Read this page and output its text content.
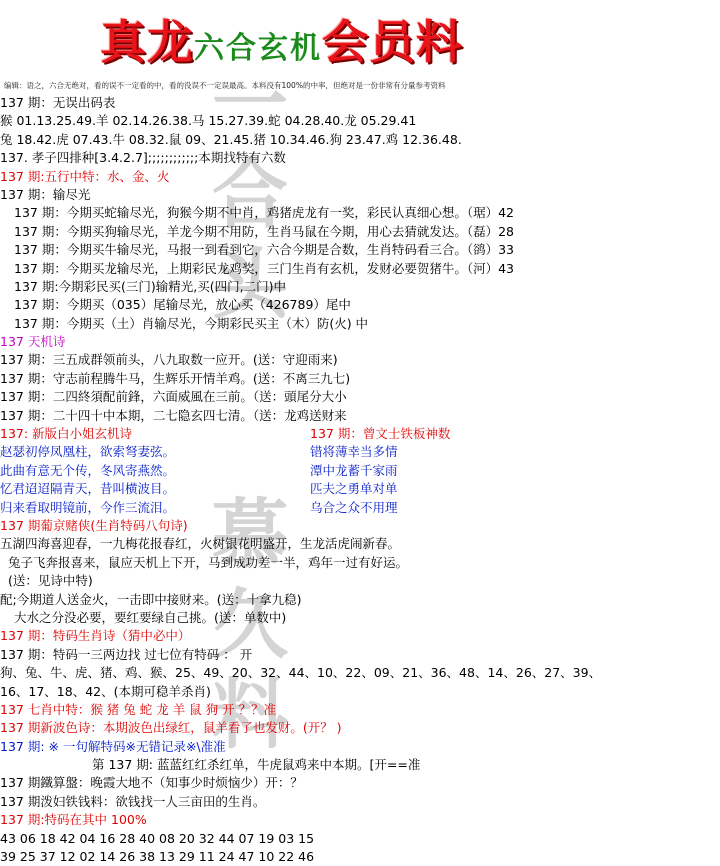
真龙六合玄机会员料
编辑：语之，六合无绝对，看的误不一定看的中，看的没误不一定误最高。本料没有100%的中率，但绝对是一份非常有分量参考资料
一
合
头
慕
久
料
137 期：无误出码表
猴 01.13.25.49.羊 02.14.26.38.马 15.27.39.蛇 04.28.40.龙 05.29.41
兔 18.42.虎 07.43.牛 08.32.鼠 09、21.45.猪 10.34.46.狗 23.47.鸡 12.36.48.
137. 孝子四排种[3.4.2.7];;;;;;;;;;;;本期找特有六数
137 期:五行中特：水、金、火
137 期：输尽光
137 期：今期买蛇输尽光，狗猴今期不中肖，鸡猪虎龙有一奖，彩民认真细心想。（琚）42
137 期：今期买狗输尽光，羊龙今期不用防，生肖马鼠在今期，用心去猜就发达。（磊）28
137 期：今期买牛输尽光，马报一到看到它，六合今期是合数，生肖特码看三合。（鹆）33
137 期：今期买龙输尽光，上期彩民龙鸡奖，三门生肖有玄机，发财必要贺猪牛。（河）43
137 期:今期彩民买(三门)输精光,买(四门,二门)中
137 期：今期买（035）尾输尽光，放心买（426789）尾中
137 期：今期买（土）肖输尽光，今期彩民买主（木）防(火) 中
137 天机诗
137 期：三五成群领前头，八九取数一应开。(送：守迎雨来)
137 期：守志前程腾牛马，生辉乐开情羊鸡。(送：不离三九七)
137 期：二四終須配前鋒，六面威風在三前。（送：頭尾分大小
137 期：二十四十中本期，二七隐玄四七清。（送：龙鸡送财来
137: 新版白小姐玄机诗	137 期：曾文士铁板神数
赵瑟初停凤凰柱，欲索弩妻弦。	错将薄幸当多情
此曲有意无个传，冬风寄燕然。	潭中龙蓄千家雨
忆君迢迢隔青天，昔叫横波目。	匹夫之勇单对单
归来看取明镜前，今作三流泪。	乌合之众不用理
137 期葡京赌侠(生肖特码八句诗)
五湖四海喜迎春，一九梅花报春红，火树银花明盛开，生龙活虎闹新春。
兔子飞奔报喜来，鼠应天机上下开，马到成功差一半，鸡年一过有好运。
(送：见诗中特)
配;今期道人送金火，一击即中接财来。(送：十拿九稳)
大水之分没必要，要红要绿自己挑。(送：单数中)
137 期：特码生肖诗（猜中必中）
137 期：特码一三两边找 过七位有特码 ： 开
狗、兔、牛、虎、猪、鸡、猴、25、49、20、32、44、10、22、09、21、36、48、14、26、27、39、
16、17、18、42、(本期可稳羊杀肖)
137 七肖中特：猴 猪 兔 蛇 龙 羊 鼠 狗 开 ？？准
137 期新波色诗：本期波色出绿红，鼠羊看了也发财。(开？ )
137 期: ※ 一句解特码※无错记录※\准准
第 137 期: 蓝蓝红红杀红单，牛虎鼠鸡来中本期。[开==准
137 期鐵算盤：晚霞大地不（知事少时烦恼少）开：？
137 期泼妇铁钱料：欲钱找一人三亩田的生肖。
137 期:特码在其中 100%
43 06 18 42 04 16 28 40 08 20 32 44 07 19 03 15
39 25 37 12 02 14 26 38 13 29 11 24 47 10 22 46
